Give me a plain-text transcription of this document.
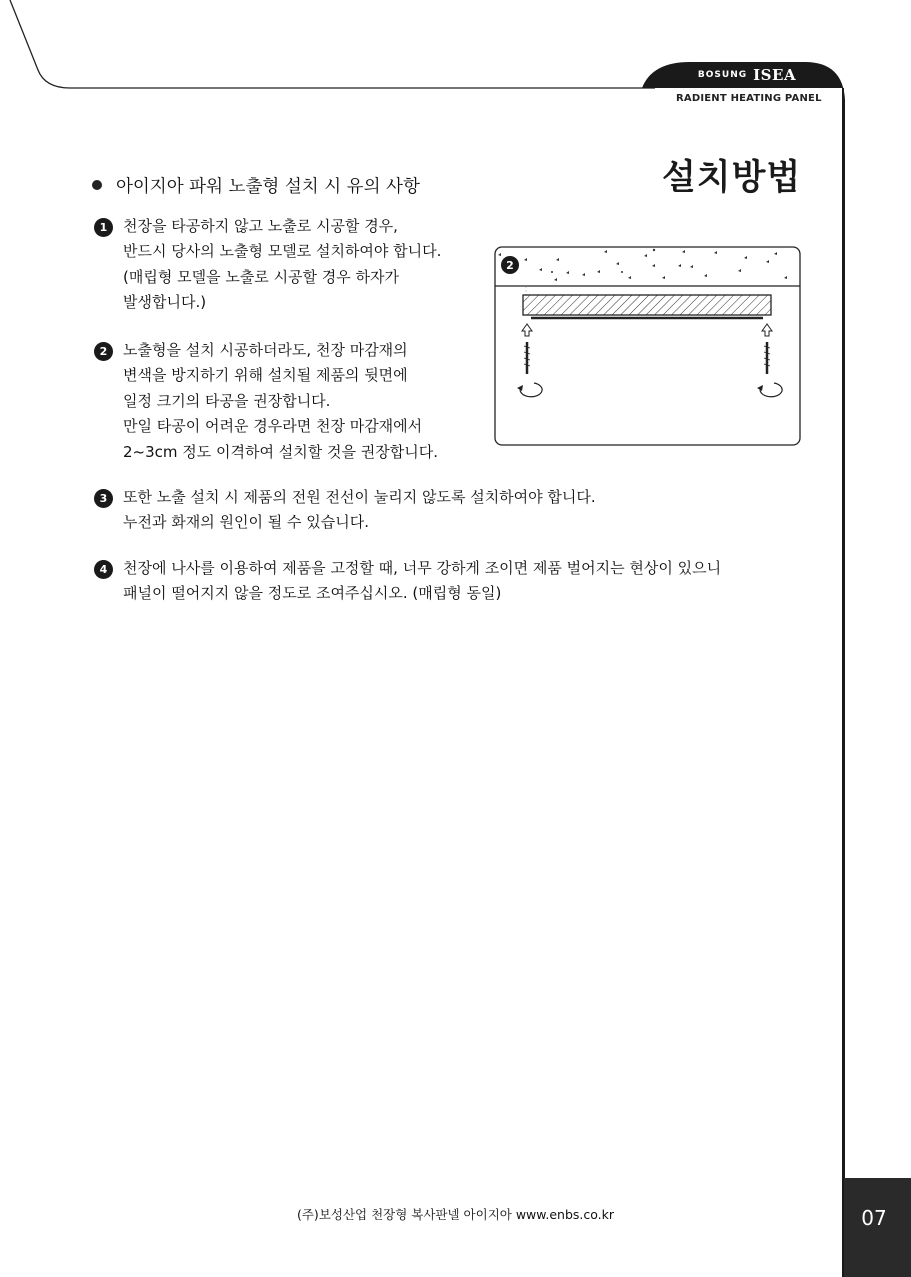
BOSUNG ISEA
RADIENT HEATING PANEL
설치방법
아이지아 파워 노출형 설치 시 유의 사항
1	천장을 타공하지 않고 노출로 시공할 경우,
반드시 당사의 노출형 모델로 설치하여야 합니다.
(매립형 모델을 노출로 시공할 경우 하자가
발생합니다.)
2	노출형을 설치 시공하더라도, 천장 마감재의
변색을 방지하기 위해 설치될 제품의 뒷면에
일정 크기의 타공을 권장합니다.
만일 타공이 어려운 경우라면 천장 마감재에서
2~3cm 정도 이격하여 설치할 것을 권장합니다.
3	또한 노출 설치 시 제품의 전원 전선이 눌리지 않도록 설치하여야 합니다.
누전과 화재의 원인이 될 수 있습니다.
4	천장에 나사를 이용하여 제품을 고정할 때, 너무 강하게 조이면 제품 벌어지는 현상이 있으니
패널이 떨어지지 않을 정도로 조여주십시오. (매립형 동일)
2
(주)보성산업 천장형 복사판넬 아이지아 www.enbs.co.kr	07
